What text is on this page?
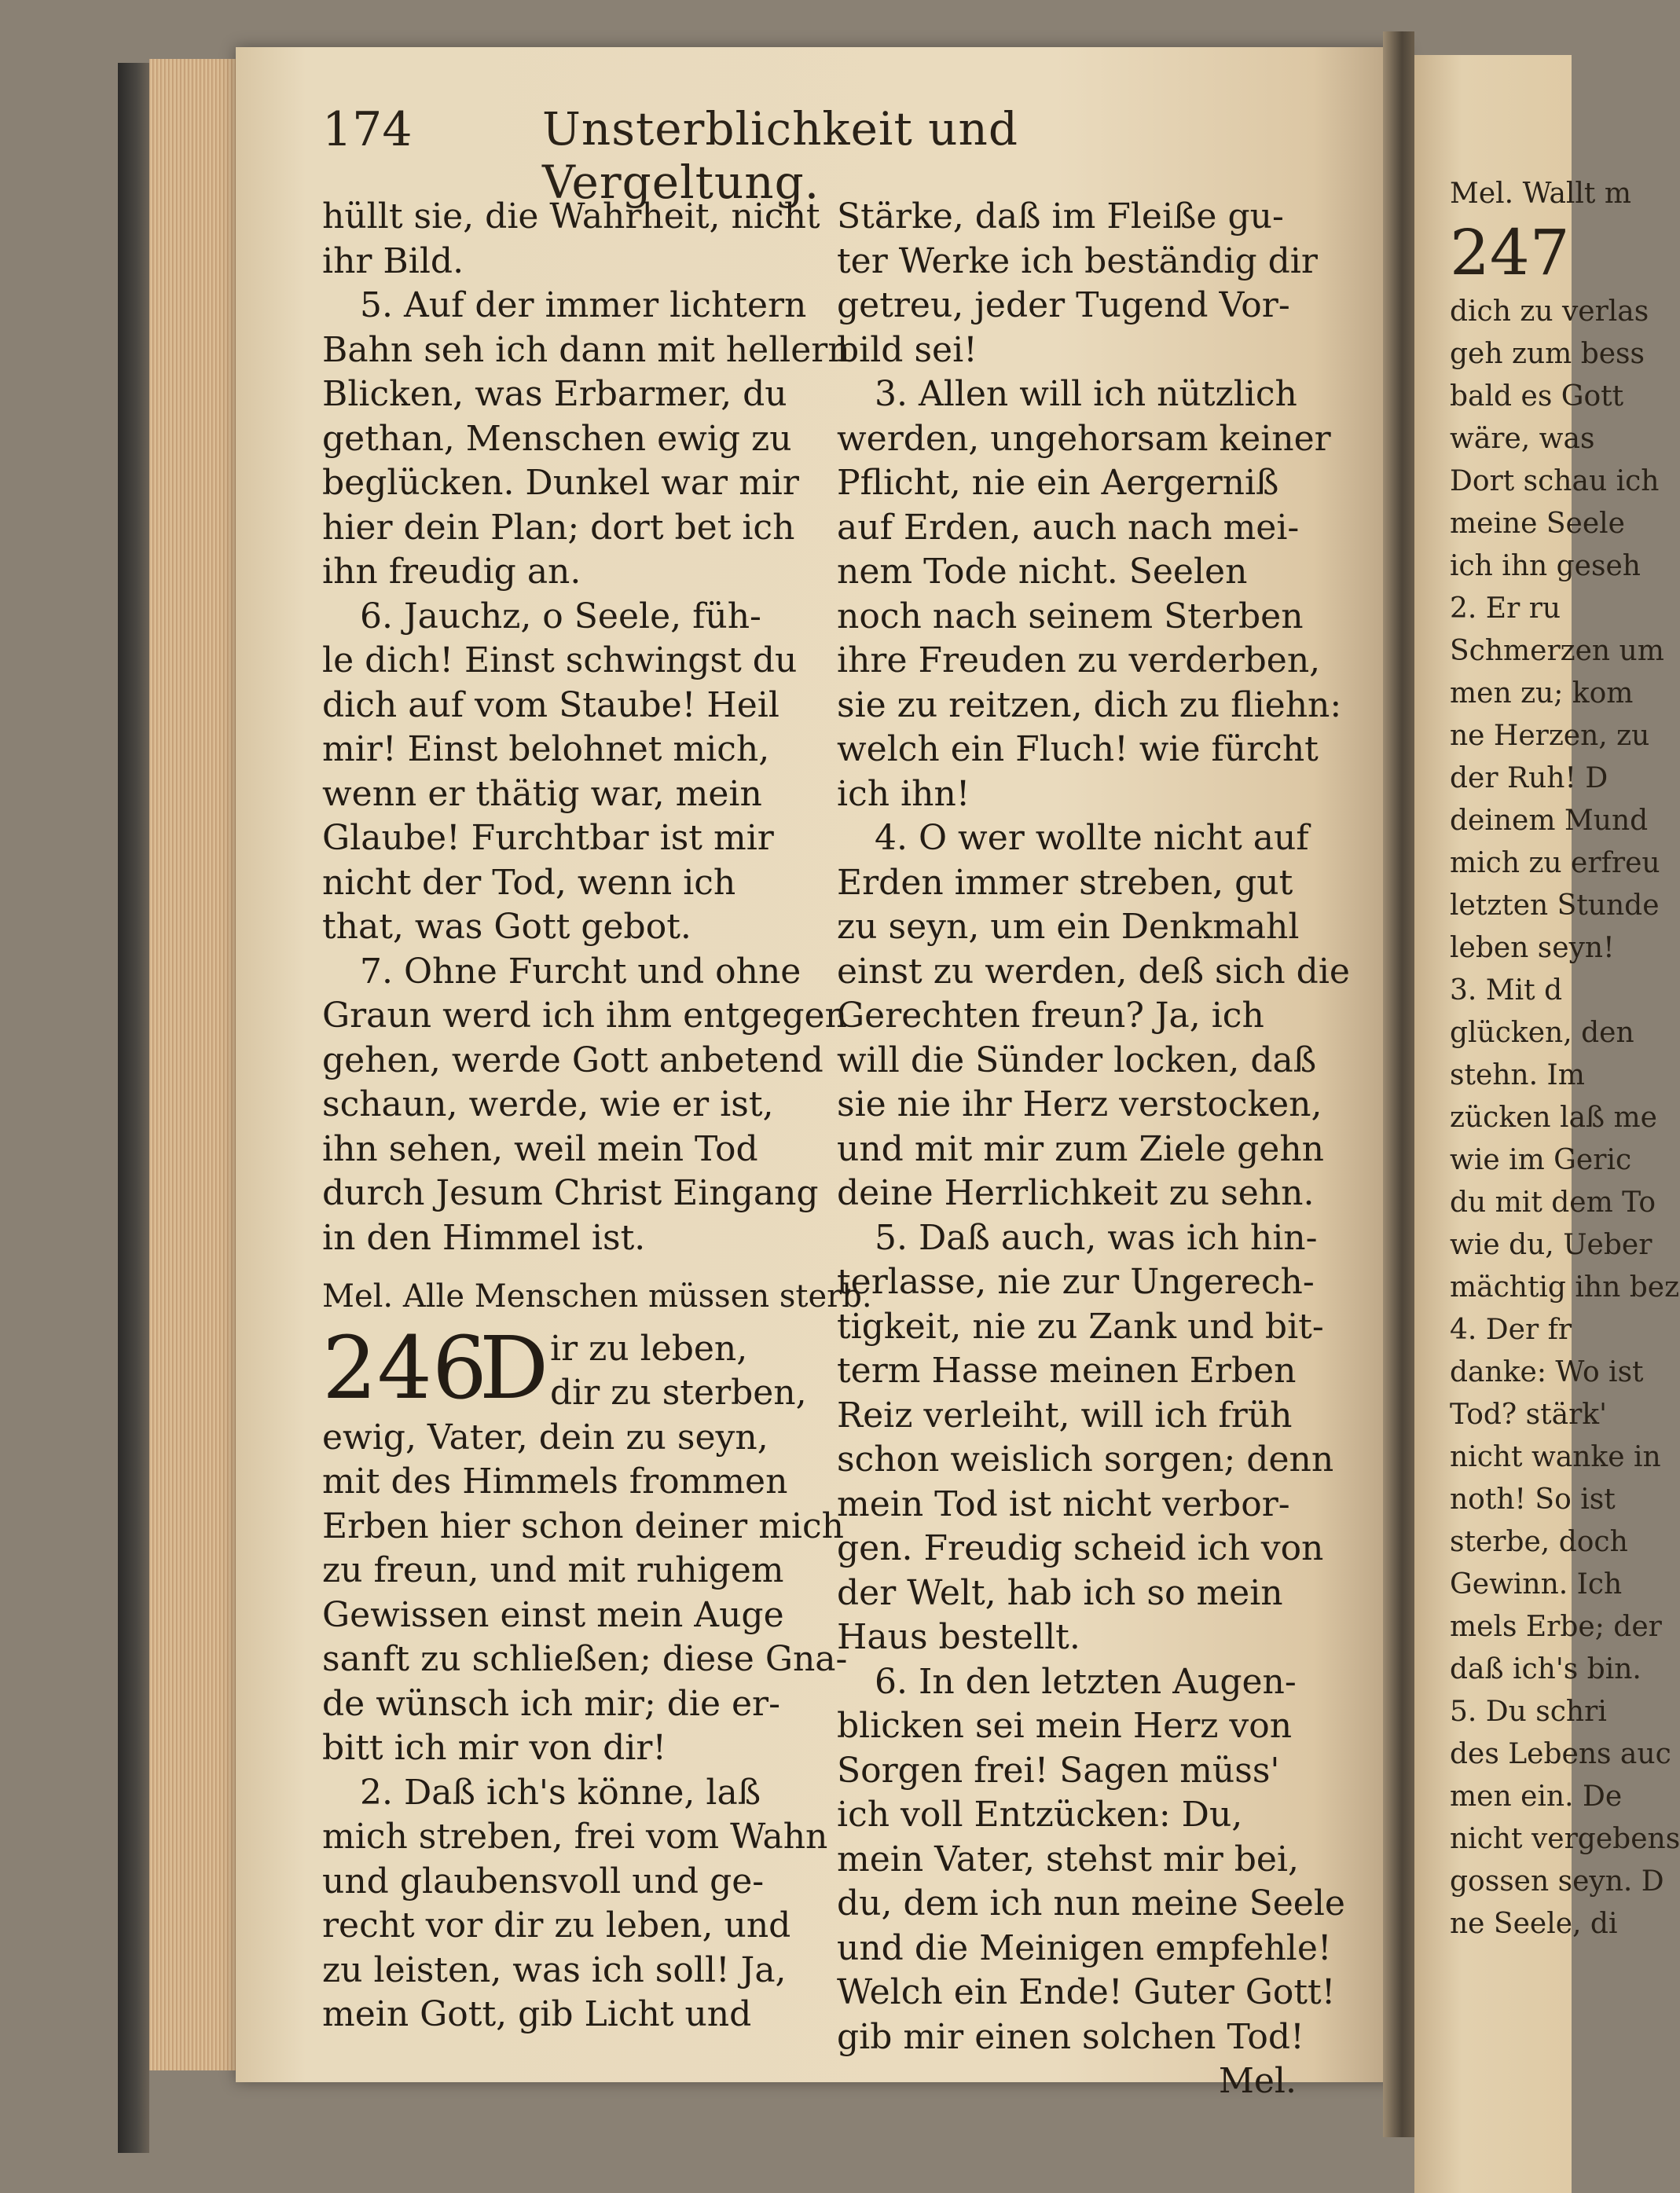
174	Unsterblichkeit und Vergeltung.
hüllt sie, die Wahrheit, nicht
ihr Bild.
5. Auf der immer lichtern
Bahn seh ich dann mit hellern
Blicken, was Erbarmer, du
gethan, Menschen ewig zu
beglücken. Dunkel war mir
hier dein Plan; dort bet ich
ihn freudig an.
6. Jauchz, o Seele, füh-
le dich! Einst schwingst du
dich auf vom Staube! Heil
mir! Einst belohnet mich,
wenn er thätig war, mein
Glaube! Furchtbar ist mir
nicht der Tod, wenn ich
that, was Gott gebot.
7. Ohne Furcht und ohne
Graun werd ich ihm entgegen
gehen, werde Gott anbetend
schaun, werde, wie er ist,
ihn sehen, weil mein Tod
durch Jesum Christ Eingang
in den Himmel ist.
Mel. Alle Menschen müssen sterb.
246
D ir zu leben,
dir zu sterben,
ewig, Vater, dein zu seyn,
mit des Himmels frommen
Erben hier schon deiner mich
zu freun, und mit ruhigem
Gewissen einst mein Auge
sanft zu schließen; diese Gna-
de wünsch ich mir; die er-
bitt ich mir von dir!
2. Daß ich's könne, laß
mich streben, frei vom Wahn
und glaubensvoll und ge-
recht vor dir zu leben, und
zu leisten, was ich soll! Ja,
mein Gott, gib Licht und
Stärke, daß im Fleiße gu-
ter Werke ich beständig dir
getreu, jeder Tugend Vor-
bild sei!
3. Allen will ich nützlich
werden, ungehorsam keiner
Pflicht, nie ein Aergerniß
auf Erden, auch nach mei-
nem Tode nicht. Seelen
noch nach seinem Sterben
ihre Freuden zu verderben,
sie zu reitzen, dich zu fliehn:
welch ein Fluch! wie fürcht
ich ihn!
4. O wer wollte nicht auf
Erden immer streben, gut
zu seyn, um ein Denkmahl
einst zu werden, deß sich die
Gerechten freun? Ja, ich
will die Sünder locken, daß
sie nie ihr Herz verstocken,
und mit mir zum Ziele gehn
deine Herrlichkeit zu sehn.
5. Daß auch, was ich hin-
terlasse, nie zur Ungerech-
tigkeit, nie zu Zank und bit-
term Hasse meinen Erben
Reiz verleiht, will ich früh
schon weislich sorgen; denn
mein Tod ist nicht verbor-
gen. Freudig scheid ich von
der Welt, hab ich so mein
Haus bestellt.
6. In den letzten Augen-
blicken sei mein Herz von
Sorgen frei! Sagen müss'
ich voll Entzücken: Du,
mein Vater, stehst mir bei,
du, dem ich nun meine Seele
und die Meinigen empfehle!
Welch ein Ende! Guter Gott!
gib mir einen solchen Tod!
Mel.
Mel. Wallt m
247
dich zu verlas
geh zum bess
bald es Gott
wäre, was
Dort schau ich
meine Seele
ich ihn geseh
2. Er ru
Schmerzen um
men zu; kom
ne Herzen, zu
der Ruh! D
deinem Mund
mich zu erfreu
letzten Stunde
leben seyn!
3. Mit d
glücken, den
stehn. Im
zücken laß me
wie im Geric
du mit dem To
wie du, Ueber
mächtig ihn bez
4. Der fr
danke: Wo ist
Tod? stärk'
nicht wanke in
noth! So ist
sterbe, doch
Gewinn. Ich
mels Erbe; der
daß ich's bin.
5. Du schri
des Lebens auc
men ein. De
nicht vergebens
gossen seyn. D
ne Seele, di
